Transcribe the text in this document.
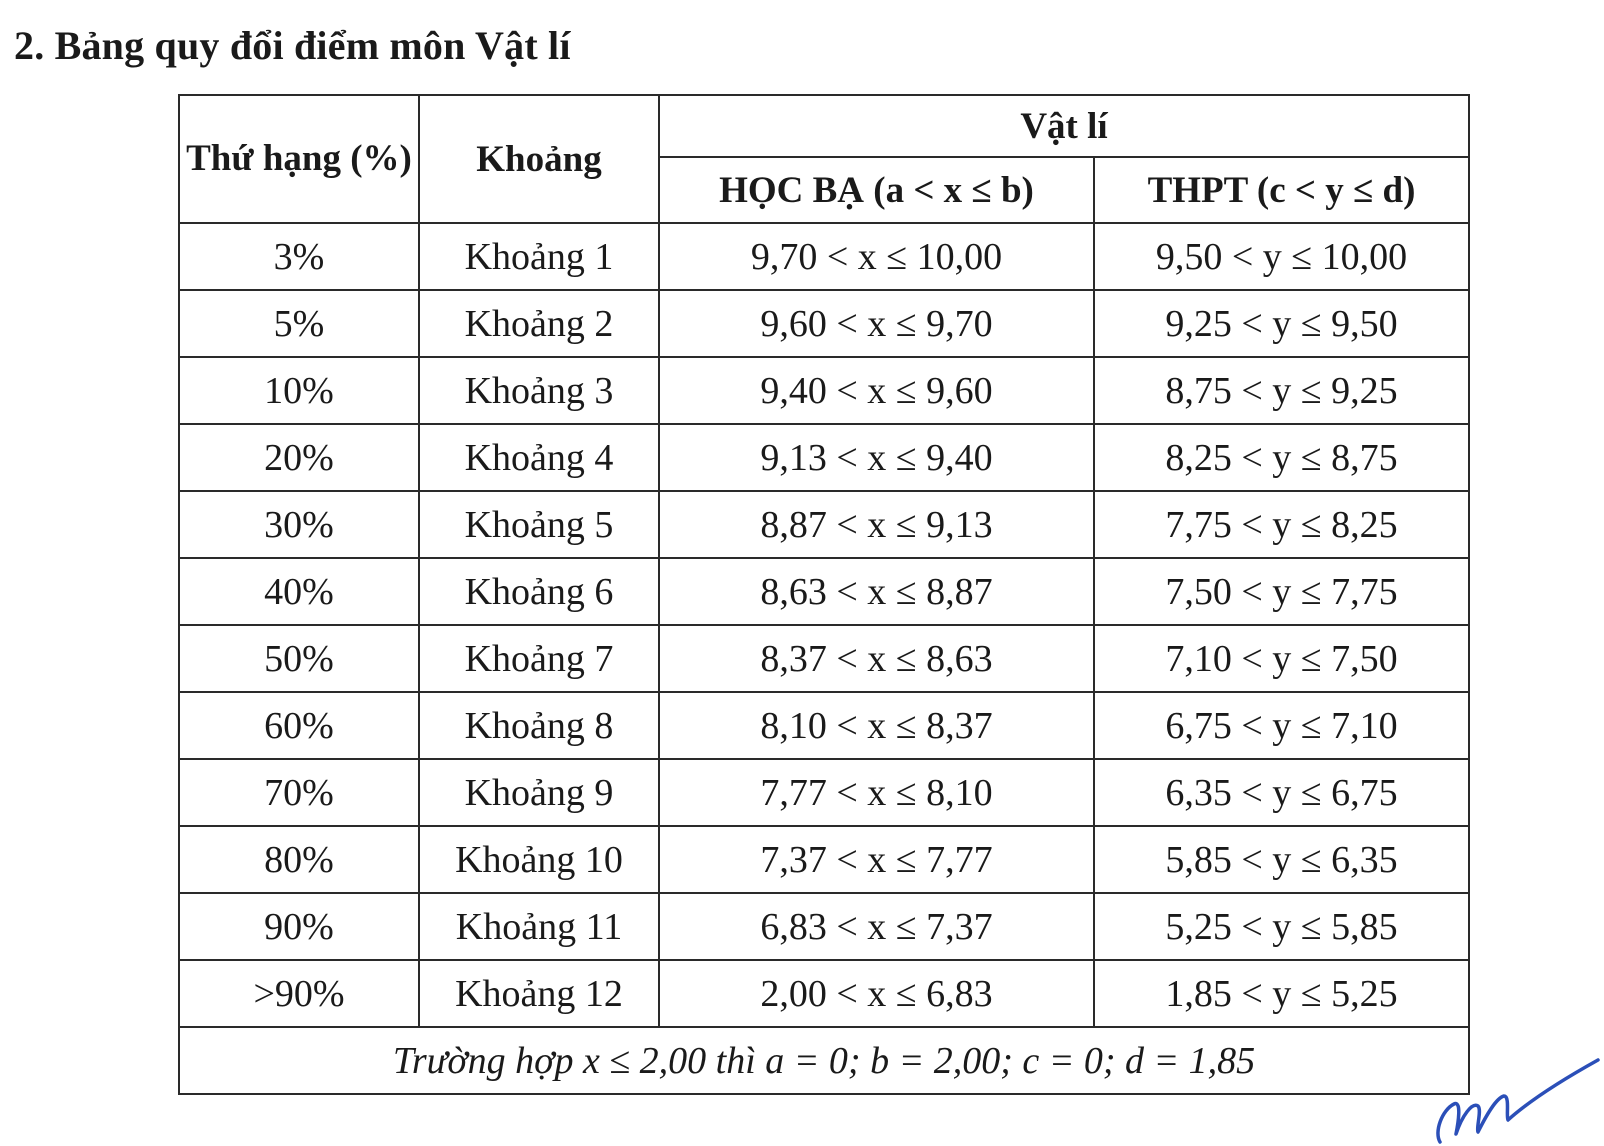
2. Bảng quy đổi điểm môn Vật lí
Thứ hạng (%)	Khoảng	Vật lí	
		HỌC BẠ (a < x ≤ b)	THPT (c < y ≤ d)
3%	Khoảng 1	9,70 < x ≤ 10,00	9,50 < y ≤ 10,00
5%	Khoảng 2	9,60 < x ≤ 9,70	9,25 < y ≤ 9,50
10%	Khoảng 3	9,40 < x ≤ 9,60	8,75 < y ≤ 9,25
20%	Khoảng 4	9,13 < x ≤ 9,40	8,25 < y ≤ 8,75
30%	Khoảng 5	8,87 < x ≤ 9,13	7,75 < y ≤ 8,25
40%	Khoảng 6	8,63 < x ≤ 8,87	7,50 < y ≤ 7,75
50%	Khoảng 7	8,37 < x ≤ 8,63	7,10 < y ≤ 7,50
60%	Khoảng 8	8,10 < x ≤ 8,37	6,75 < y ≤ 7,10
70%	Khoảng 9	7,77 < x ≤ 8,10	6,35 < y ≤ 6,75
80%	Khoảng 10	7,37 < x ≤ 7,77	5,85 < y ≤ 6,35
90%	Khoảng 11	6,83 < x ≤ 7,37	5,25 < y ≤ 5,85
>90%	Khoảng 12	2,00 < x ≤ 6,83	1,85 < y ≤ 5,25
Trường hợp x ≤ 2,00 thì a = 0; b = 2,00; c = 0; d = 1,85			
